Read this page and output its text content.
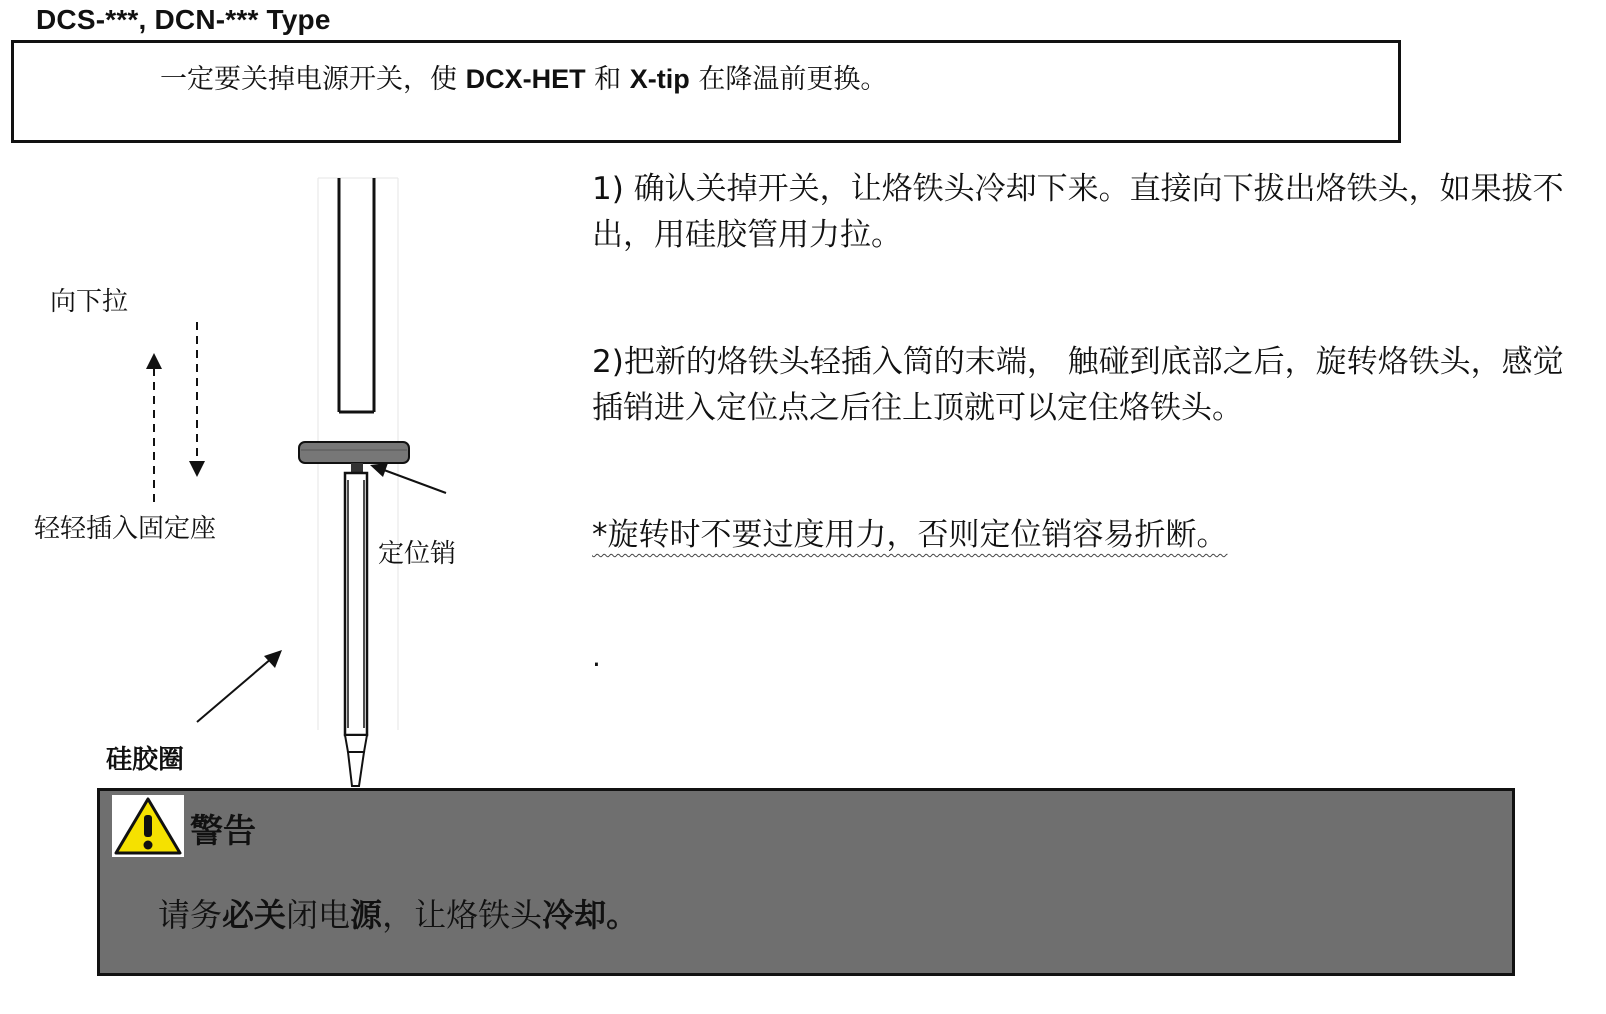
DCS-***, DCN-*** Type
一定要关掉电源开关，使 DCX-HET 和 X-tip 在降温前更换。
1) 确认关掉开关，让烙铁头冷却下来。直接向下拔出烙铁头，如果拔不出，用硅胶管用力拉。
2)把新的烙铁头轻插入筒的末端， 触碰到底部之后，旋转烙铁头，感觉插销进入定位点之后往上顶就可以定住烙铁头。
*旋转时不要过度用力，否则定位销容易折断。
.
向下拉
轻轻插入固定座
定位销
硅胶圈
警告
请务必关闭电源，让烙铁头冷却。
